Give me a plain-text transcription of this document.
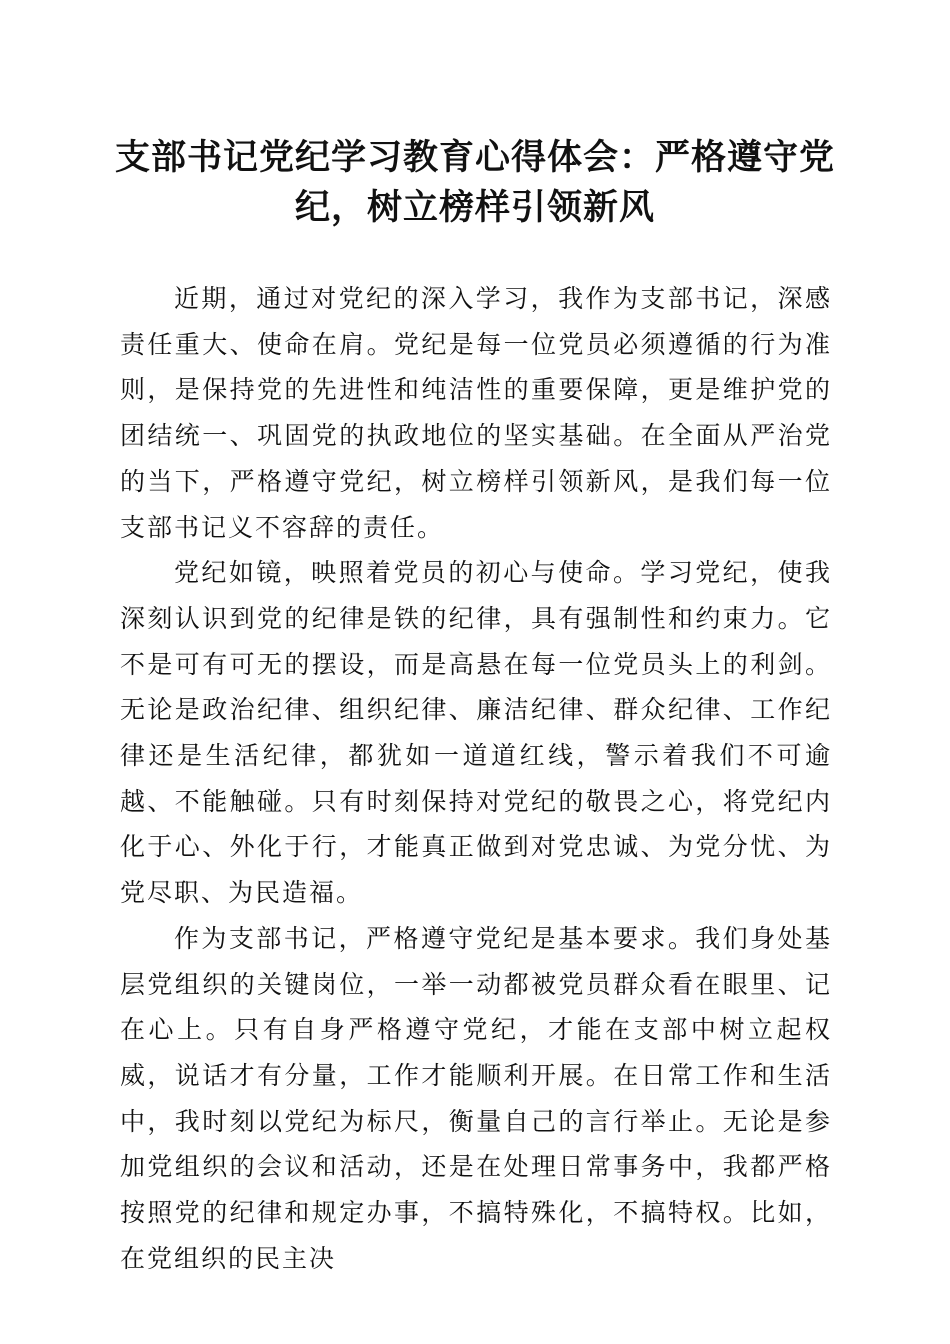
支部书记党纪学习教育心得体会：严格遵守党纪，树立榜样引领新风

近期，通过对党纪的深入学习，我作为支部书记，深感责任重大、使命在肩。党纪是每一位党员必须遵循的行为准则，是保持党的先进性和纯洁性的重要保障，更是维护党的团结统一、巩固党的执政地位的坚实基础。在全面从严治党的当下，严格遵守党纪，树立榜样引领新风，是我们每一位支部书记义不容辞的责任。

党纪如镜，映照着党员的初心与使命。学习党纪，使我深刻认识到党的纪律是铁的纪律，具有强制性和约束力。它不是可有可无的摆设，而是高悬在每一位党员头上的利剑。无论是政治纪律、组织纪律、廉洁纪律、群众纪律、工作纪律还是生活纪律，都犹如一道道红线，警示着我们不可逾越、不能触碰。只有时刻保持对党纪的敬畏之心，将党纪内化于心、外化于行，才能真正做到对党忠诚、为党分忧、为党尽职、为民造福。

作为支部书记，严格遵守党纪是基本要求。我们身处基层党组织的关键岗位，一举一动都被党员群众看在眼里、记在心上。只有自身严格遵守党纪，才能在支部中树立起权威，说话才有分量，工作才能顺利开展。在日常工作和生活中，我时刻以党纪为标尺，衡量自己的言行举止。无论是参加党组织的会议和活动，还是在处理日常事务中，我都严格按照党的纪律和规定办事，不搞特殊化，不搞特权。比如，在党组织的民主决
